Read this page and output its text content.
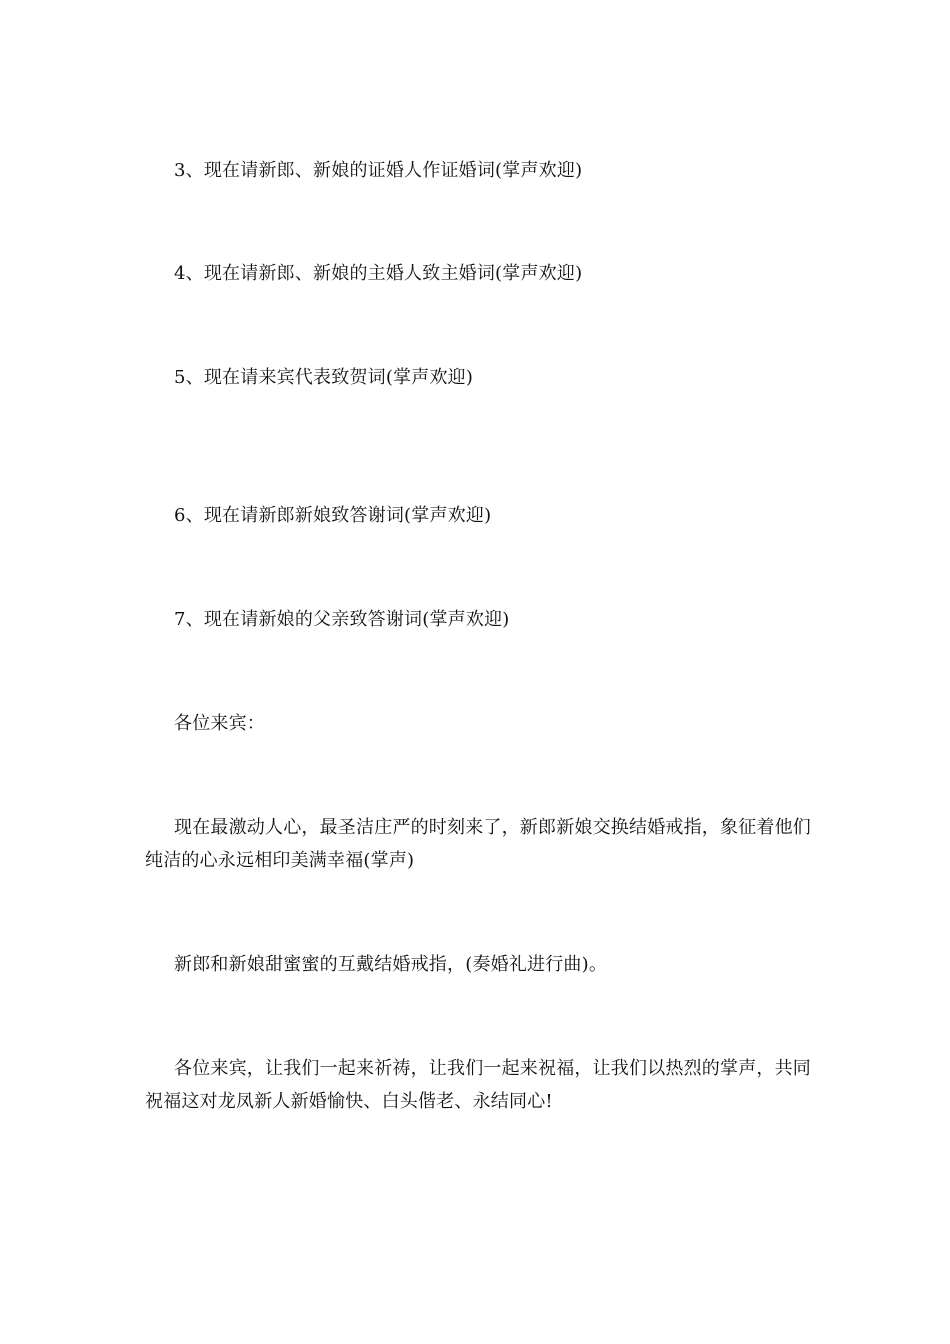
3、现在请新郎、新娘的证婚人作证婚词(掌声欢迎)

4、现在请新郎、新娘的主婚人致主婚词(掌声欢迎)

5、现在请来宾代表致贺词(掌声欢迎)

6、现在请新郎新娘致答谢词(掌声欢迎)

7、现在请新娘的父亲致答谢词(掌声欢迎)

各位来宾：

现在最激动人心，最圣洁庄严的时刻来了，新郎新娘交换结婚戒指，象征着他们纯洁的心永远相印美满幸福(掌声)

新郎和新娘甜蜜蜜的互戴结婚戒指，(奏婚礼进行曲)。

各位来宾，让我们一起来祈祷，让我们一起来祝福，让我们以热烈的掌声，共同祝福这对龙凤新人新婚愉快、白头偕老、永结同心!
